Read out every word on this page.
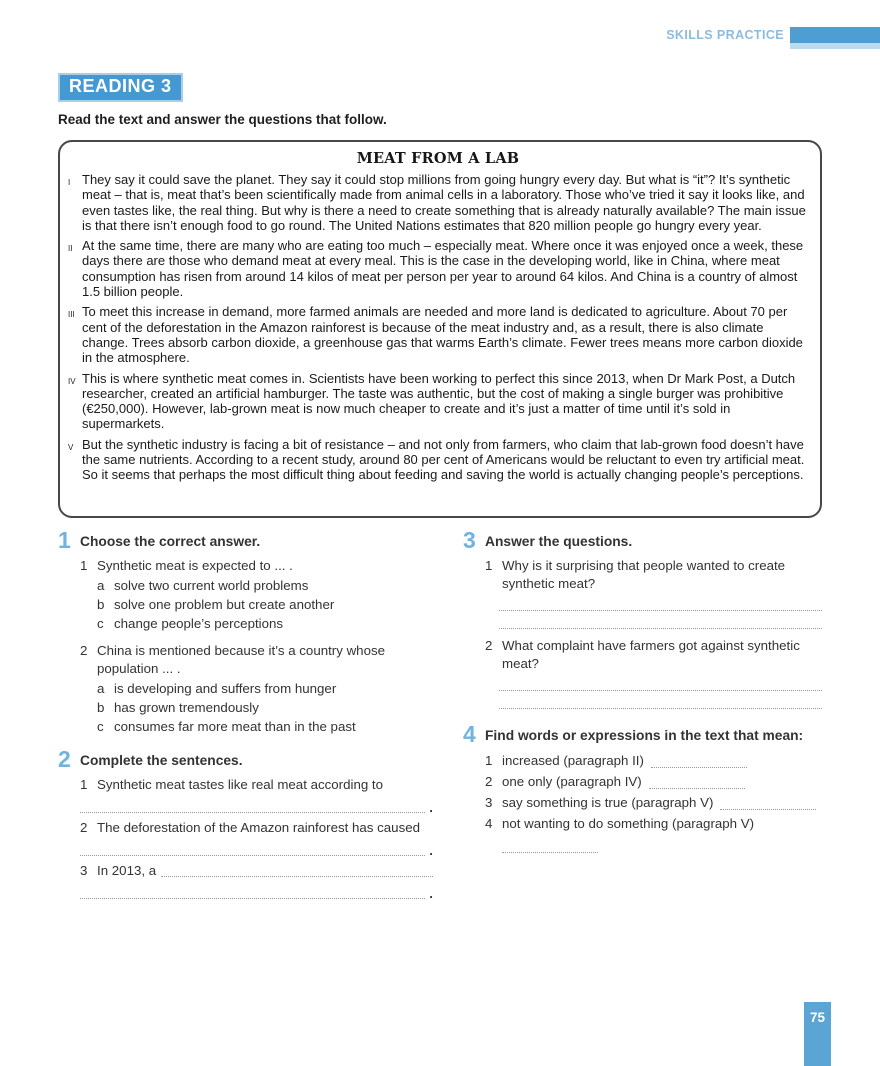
SKILLS PRACTICE
READING 3
Read the text and answer the questions that follow.
MEAT FROM A LAB
I They say it could save the planet. They say it could stop millions from going hungry every day. But what is “it”? It’s synthetic meat – that is, meat that’s been scientifically made from animal cells in a laboratory. Those who’ve tried it say it looks like, and even tastes like, the real thing. But why is there a need to create something that is already naturally available? The main issue is that there isn’t enough food to go round. The United Nations estimates that 820 million people go hungry every year.
II At the same time, there are many who are eating too much – especially meat. Where once it was enjoyed once a week, these days there are those who demand meat at every meal. This is the case in the developing world, like in China, where meat consumption has risen from around 14 kilos of meat per person per year to around 64 kilos. And China is a country of almost 1.5 billion people.
III To meet this increase in demand, more farmed animals are needed and more land is dedicated to agriculture. About 70 per cent of the deforestation in the Amazon rainforest is because of the meat industry and, as a result, there is also climate change. Trees absorb carbon dioxide, a greenhouse gas that warms Earth’s climate. Fewer trees means more carbon dioxide in the atmosphere.
IV This is where synthetic meat comes in. Scientists have been working to perfect this since 2013, when Dr Mark Post, a Dutch researcher, created an artificial hamburger. The taste was authentic, but the cost of making a single burger was prohibitive (€250,000). However, lab-grown meat is now much cheaper to create and it’s just a matter of time until it’s sold in supermarkets.
V But the synthetic industry is facing a bit of resistance – and not only from farmers, who claim that lab-grown food doesn’t have the same nutrients. According to a recent study, around 80 per cent of Americans would be reluctant to even try artificial meat. So it seems that perhaps the most difficult thing about feeding and saving the world is actually changing people’s perceptions.
1 Choose the correct answer.
1 Synthetic meat is expected to ... .
a solve two current world problems
b solve one problem but create another
c change people’s perceptions
2 China is mentioned because it’s a country whose population ... .
a is developing and suffers from hunger
b has grown tremendously
c consumes far more meat than in the past
2 Complete the sentences.
1 Synthetic meat tastes like real meat according to
.
2 The deforestation of the Amazon rainforest has caused
.
3 In 2013, a
.
3 Answer the questions.
1 Why is it surprising that people wanted to create synthetic meat?
2 What complaint have farmers got against synthetic meat?
4 Find words or expressions in the text that mean:
1 increased (paragraph II)
2 one only (paragraph IV)
3 say something is true (paragraph V)
4 not wanting to do something (paragraph V)
75
